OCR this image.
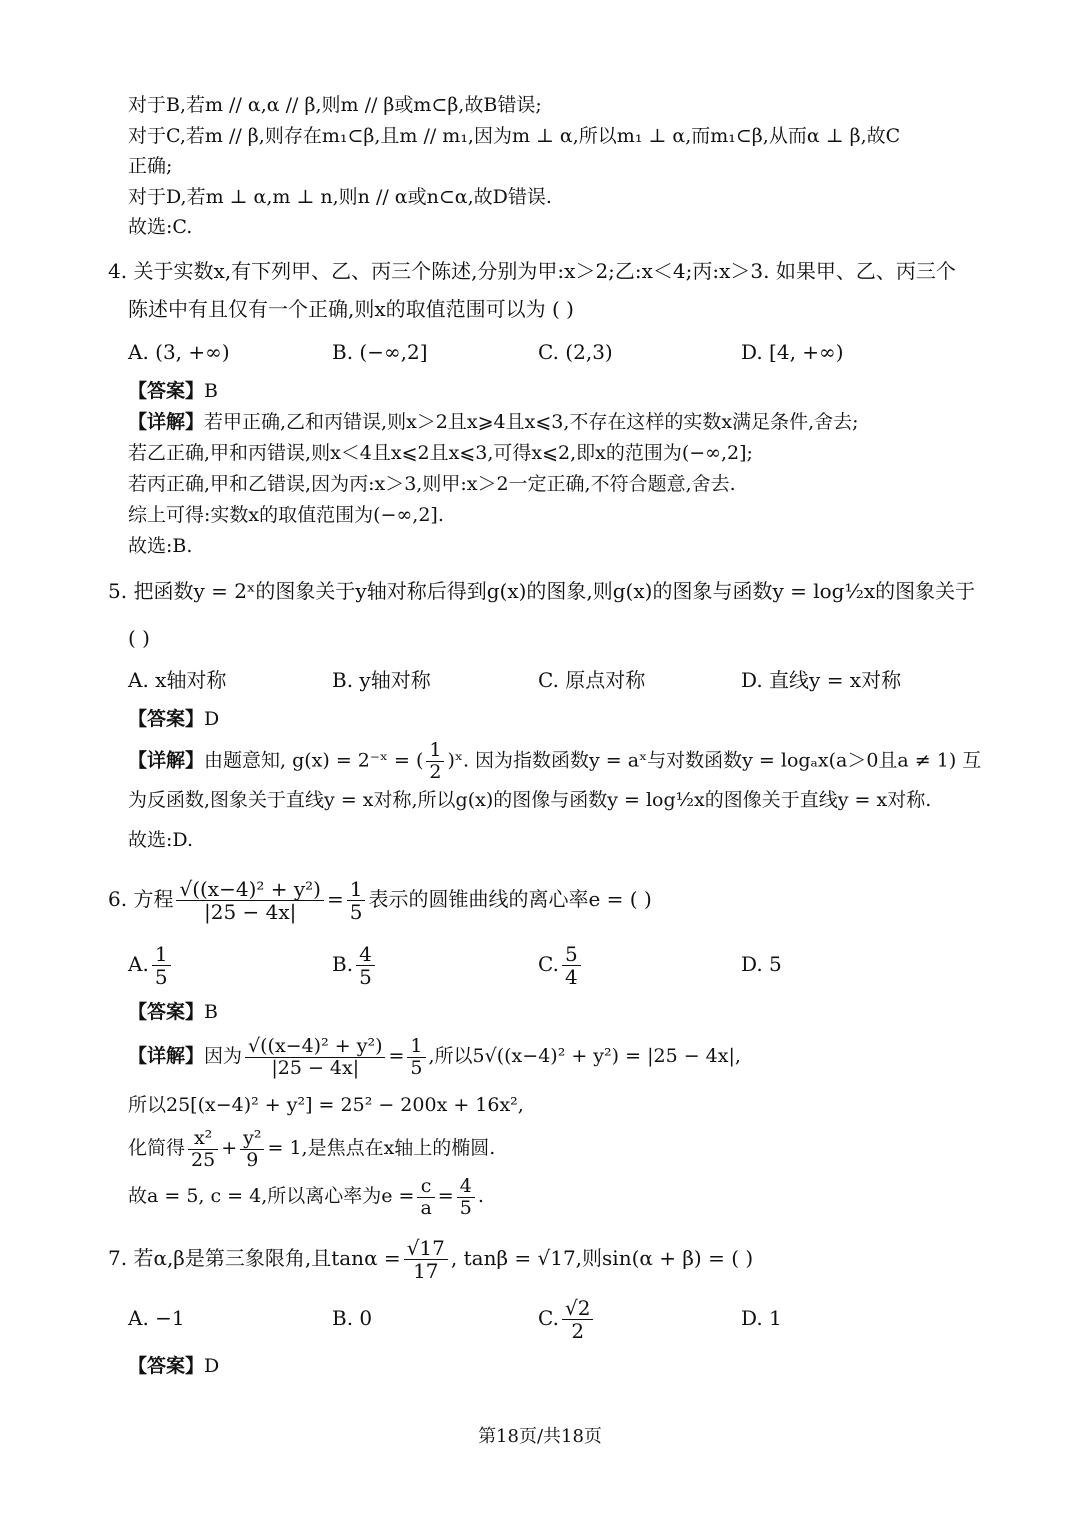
对于B,若m // α,α // β,则m // β或m⊂β,故B错误;
对于C,若m // β,则存在m₁⊂β,且m // m₁,因为m ⊥ α,所以m₁ ⊥ α,而m₁⊂β,从而α ⊥ β,故C
正确;
对于D,若m ⊥ α,m ⊥ n,则n // α或n⊂α,故D错误.
故选:C.
4. 关于实数x,有下列甲、乙、丙三个陈述,分别为甲:x＞2;乙:x＜4;丙:x＞3. 如果甲、乙、丙三个
陈述中有且仅有一个正确,则x的取值范围可以为 ( )
A. (3, +∞)	B. (−∞,2]	C. (2,3)	D. [4, +∞)
【答案】B
【详解】若甲正确,乙和丙错误,则x＞2且x⩾4且x⩽3,不存在这样的实数x满足条件,舍去;
若乙正确,甲和丙错误,则x＜4且x⩽2且x⩽3,可得x⩽2,即x的范围为(−∞,2];
若丙正确,甲和乙错误,因为丙:x＞3,则甲:x＞2一定正确,不符合题意,舍去.
综上可得:实数x的取值范围为(−∞,2].
故选:B.
5. 把函数y = 2ˣ的图象关于y轴对称后得到g(x)的图象,则g(x)的图象与函数y = log½x的图象关于
( )
A. x轴对称	B. y轴对称	C. 原点对称	D. 直线y = x对称
【答案】D
【详解】由题意知, g(x) = 2⁻ˣ = ( $\frac{1}{2}$ )ˣ. 因为指数函数y = aˣ与对数函数y = logₐx(a＞0且a ≠ 1) 互
为反函数,图象关于直线y = x对称,所以g(x)的图像与函数y = log½x的图像关于直线y = x对称.
故选:D.
6. 方程 $\frac{\text{√((x−4)² + y²)}}{|25 - 4x|} = \frac{1}{5}$ 表示的圆锥曲线的离心率e = ( )
A. $\frac{1}{5}$	B. $\frac{4}{5}$	C. $\frac{5}{4}$	D. 5
【答案】B
【详解】因为 $\frac{\text{√((x−4)² + y²)}}{|25 - 4x|} = \frac{1}{5}$ ,所以5√((x−4)² + y²) = |25 − 4x|,
所以25[(x−4)² + y²] = 25² − 200x + 16x²,
化简得 $\frac{\text{x²}}{25} + \frac{\text{y²}}{9} = 1$,是焦点在x轴上的椭圆.
故a = 5, c = 4,所以离心率为$e = \frac{c}{a} = \frac{4}{5}$ .
7. 若α,β是第三象限角,且$\tan\alpha = \frac{√17}{17}$ , tanβ = √17,则sin(α + β) = ( )
A. −1	B. 0	C. $\frac{√2}{2}$	D. 1
【答案】D
第18页/共18页
